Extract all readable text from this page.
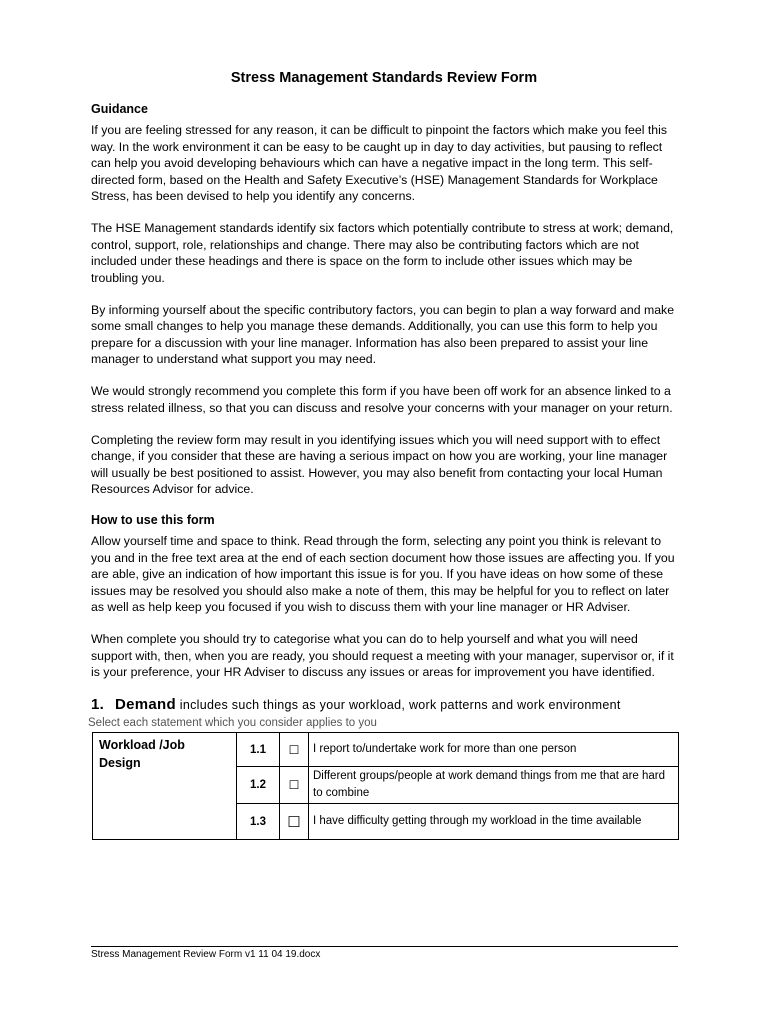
Stress Management Standards Review Form
Guidance

If you are feeling stressed for any reason, it can be difficult to pinpoint the factors which make you feel this way. In the work environment it can be easy to be caught up in day to day activities, but pausing to reflect can help you avoid developing behaviours which can have a negative impact in the long term. This self-directed form, based on the Health and Safety Executive’s (HSE) Management Standards for Workplace Stress, has been devised to help you identify any concerns.

The HSE Management standards identify six factors which potentially contribute to stress at work; demand, control, support, role, relationships and change. There may also be contributing factors which are not included under these headings and there is space on the form to include other issues which may be troubling you.

By informing yourself about the specific contributory factors, you can begin to plan a way forward and make some small changes to help you manage these demands. Additionally, you can use this form to help you prepare for a discussion with your line manager. Information has also been prepared to assist your line manager to understand what support you may need.

We would strongly recommend you complete this form if you have been off work for an absence linked to a stress related illness, so that you can discuss and resolve your concerns with your manager on your return.

Completing the review form may result in you identifying issues which you will need support with to effect change, if you consider that these are having a serious impact on how you are working, your line manager will usually be best positioned to assist. However, you may also benefit from contacting your local Human Resources Advisor for advice.

How to use this form

Allow yourself time and space to think. Read through the form, selecting any point you think is relevant to you and in the free text area at the end of each section document how those issues are affecting you. If you are able, give an indication of how important this issue is for you. If you have ideas on how some of these issues may be resolved you should also make a note of them, this may be helpful for you to reflect on later as well as help keep you focused if you wish to discuss them with your line manager or HR Adviser.

When complete you should try to categorise what you can do to help yourself and what you will need support with, then, when you are ready, you should request a meeting with your manager, supervisor or, if it is your preference, your HR Adviser to discuss any issues or areas for improvement you have identified.

1. Demand includes such things as your workload, work patterns and work environment
Select each statement which you consider applies to you
Workload /Job Design	1.1	☐	I report to/undertake work for more than one person
	1.2	☐	Different groups/people at work demand things from me that are hard to combine
	1.3	☐	I have difficulty getting through my workload in the time available
Stress Management Review Form v1 11 04 19.docx
